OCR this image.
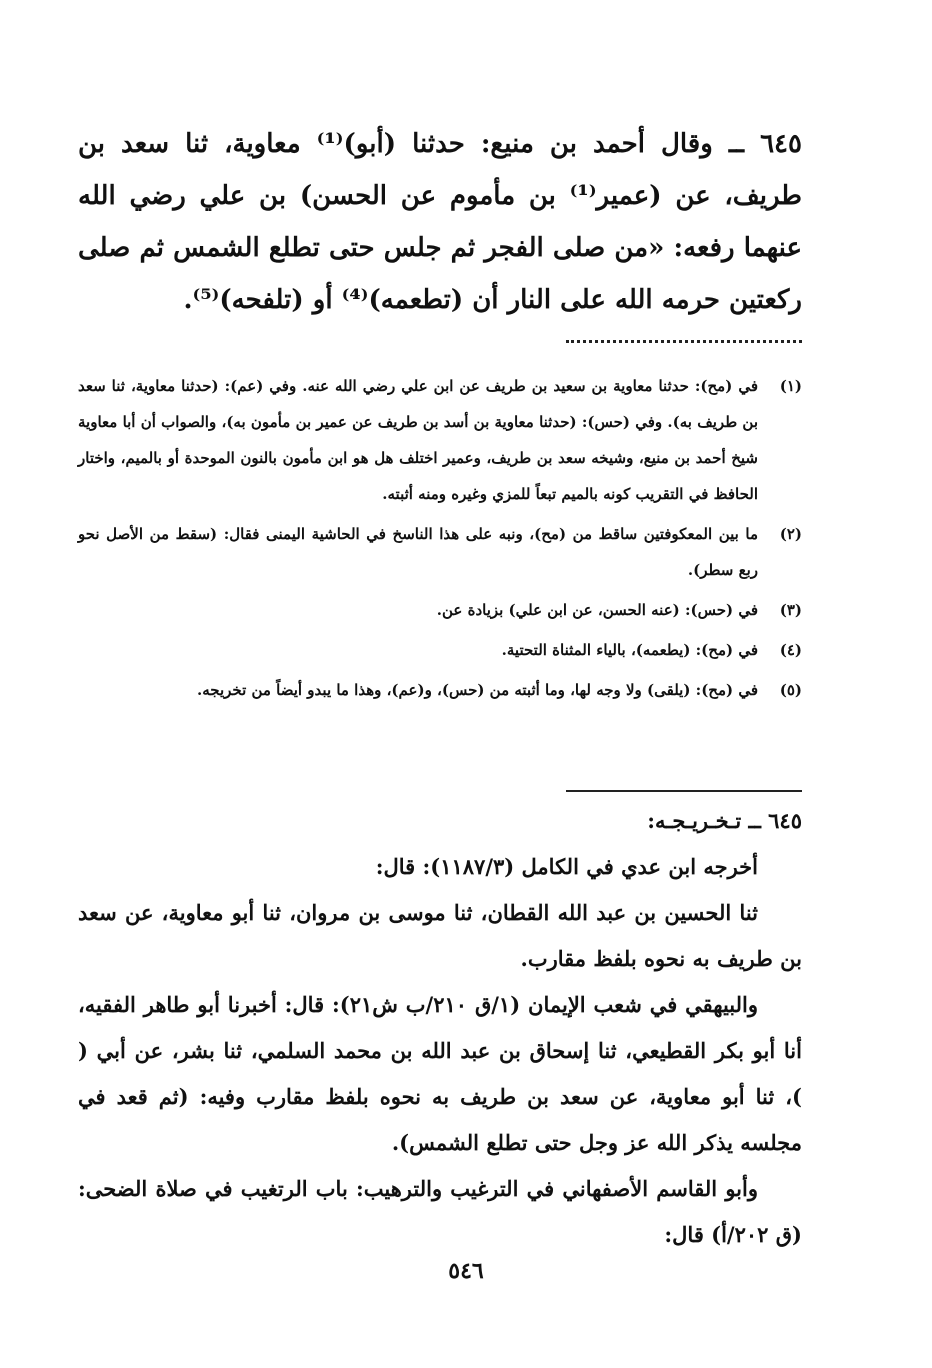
٦٤٥ ــ وقال أحمد بن منيع: حدثنا (أبو)⁽¹⁾ معاوية، ثنا سعد بن طريف، عن (عمير⁽¹⁾ بن مأموم عن الحسن) بن علي رضي الله عنهما رفعه: «من صلى الفجر ثم جلس حتى تطلع الشمس ثم صلى ركعتين حرمه الله على النار أن (تطعمه)⁽⁴⁾ أو (تلفحه)⁽⁵⁾.

(١)

في (مح): حدثنا معاوية بن سعيد بن طريف عن ابن علي رضي الله عنه. وفي (عم): (حدثنا معاوية، ثنا سعد بن طريف به). وفي (حس): (حدثنا معاوية بن أسد بن طريف عن عمير بن مأمون به)، والصواب أن أبا معاوية شيخ أحمد بن منيع، وشيخه سعد بن طريف، وعمير اختلف هل هو ابن مأمون بالنون الموحدة أو بالميم، واختار الحافظ في التقريب كونه بالميم تبعاً للمزي وغيره ومنه أثبته.

(٢)

ما بين المعكوفتين ساقط من (مح)، ونبه على هذا الناسخ في الحاشية اليمنى فقال: (سقط من الأصل نحو ربع سطر).

(٣)

في (حس): (عنه الحسن، عن ابن علي) بزيادة عن.

(٤)

في (مح): (يطعمه)، بالياء المثناة التحتية.

(٥)

في (مح): (يلقى) ولا وجه لها، وما أثبته من (حس)، و(عم)، وهذا ما يبدو أيضاً من تخريجه.

٦٤٥ ــ تـخـريـجـه:

أخرجه ابن عدي في الكامل (١١٨٧/٣): قال:

ثنا الحسين بن عبد الله القطان، ثنا موسى بن مروان، ثنا أبو معاوية، عن سعد بن طريف به نحوه بلفظ مقارب.

والبيهقي في شعب الإيمان (١/ق ٢١٠/ب ش٢١): قال: أخبرنا أبو طاهر الفقيه، أنا أبو بكر القطيعي، ثنا إسحاق بن عبد الله بن محمد السلمي، ثنا بشر، عن أبي ( )، ثنا أبو معاوية، عن سعد بن طريف به نحوه بلفظ مقارب وفيه: (ثم قعد في مجلسه يذكر الله عز وجل حتى تطلع الشمس).

وأبو القاسم الأصفهاني في الترغيب والترهيب: باب الرتغيب في صلاة الضحى: (ق ٢٠٢/أ) قال:

٥٤٦
